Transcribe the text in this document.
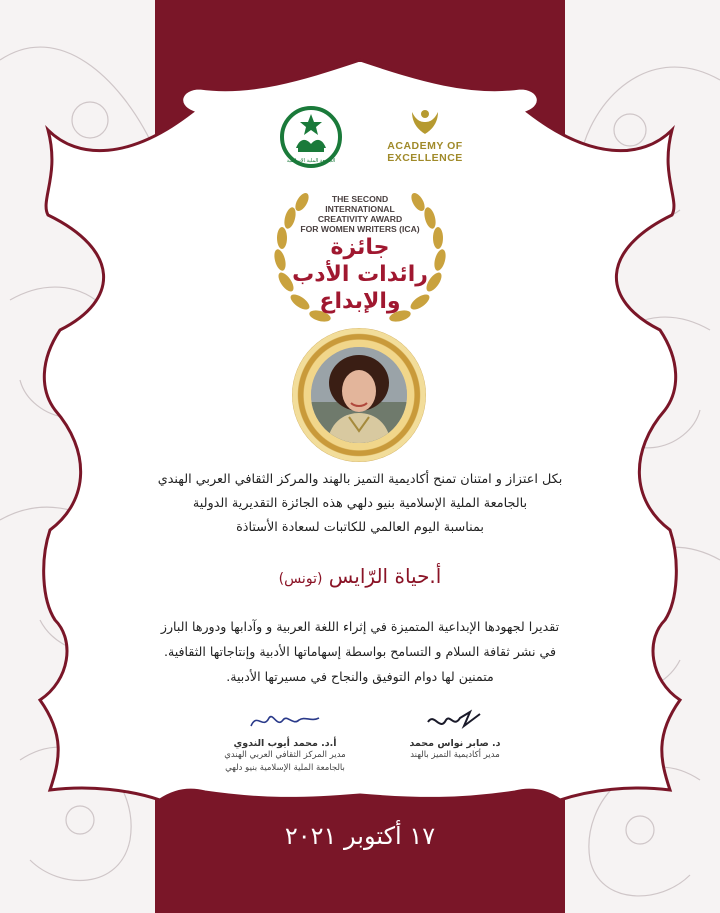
الجامعة الملية الإسلامية
ACADEMY OF
EXCELLENCE
THE SECOND
INTERNATIONAL
CREATIVITY AWARD
FOR WOMEN WRITERS (ICA)
جائزة
رائدات الأدب
والإبداع
بكل اعتزاز و امتنان تمنح أكاديمية التميز بالهند والمركز الثقافي العربي الهندي
بالجامعة الملية الإسلامية بنيو دلهي هذه الجائزة التقديرية الدولية
بمناسبة اليوم العالمي للكاتبات لسعادة الأستاذة
أ.حياة الرّايس (تونس)
تقديرا لجهودها الإبداعية المتميزة في إثراء اللغة العربية و وآدابها ودورها البارز
في نشر ثقافة السلام و التسامح بواسطة إسهاماتها الأدبية وإنتاجاتها الثقافية.
متمنين لها دوام التوفيق والنجاح في مسيرتها الأدبية.
أ.د. محمد أيوب الندوي
مدير المركز الثقافي العربي الهندي
بالجامعة الملية الإسلامية بنيو دلهي
د. صابر نواس محمد
مدير أكاديمية التميز بالهند
١٧ أكتوبر ٢٠٢١
